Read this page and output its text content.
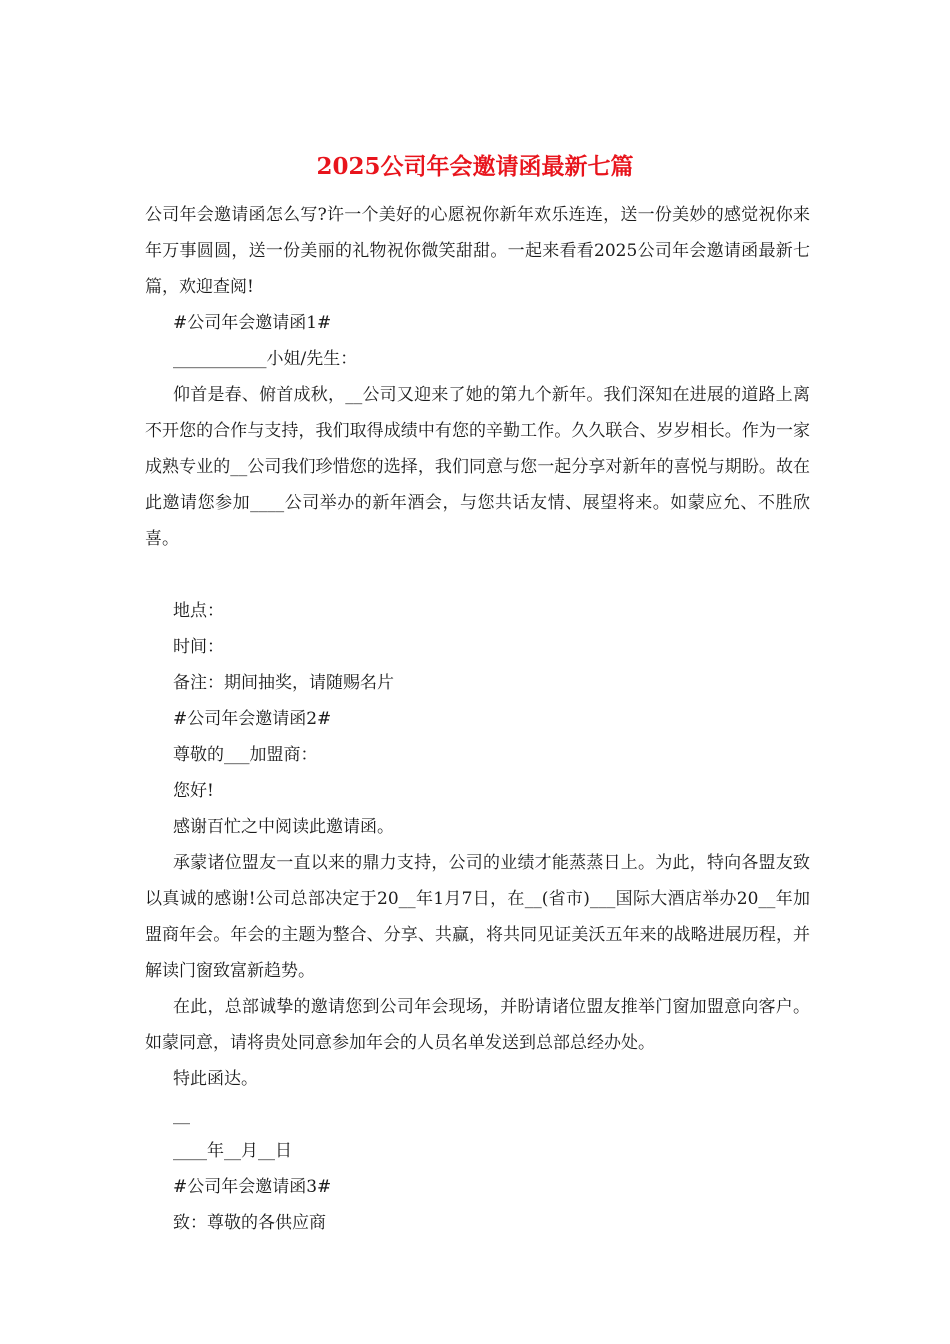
2025公司年会邀请函最新七篇

公司年会邀请函怎么写?许一个美好的心愿祝你新年欢乐连连，送一份美妙的感觉祝你来年万事圆圆，送一份美丽的礼物祝你微笑甜甜。一起来看看2025公司年会邀请函最新七篇，欢迎查阅!

#公司年会邀请函1#

___________小姐/先生：

仰首是春、俯首成秋，__公司又迎来了她的第九个新年。我们深知在进展的道路上离不开您的合作与支持，我们取得成绩中有您的辛勤工作。久久联合、岁岁相长。作为一家成熟专业的__公司我们珍惜您的选择，我们同意与您一起分享对新年的喜悦与期盼。故在此邀请您参加____公司举办的新年酒会，与您共话友情、展望将来。如蒙应允、不胜欣喜。

地点：

时间：

备注：期间抽奖，请随赐名片

#公司年会邀请函2#

尊敬的___加盟商：

您好!

感谢百忙之中阅读此邀请函。

承蒙诸位盟友一直以来的鼎力支持，公司的业绩才能蒸蒸日上。为此，特向各盟友致以真诚的感谢!公司总部决定于20__年1月7日，在__(省市)___国际大酒店举办20__年加盟商年会。年会的主题为整合、分享、共赢，将共同见证美沃五年来的战略进展历程，并解读门窗致富新趋势。

在此，总部诚挚的邀请您到公司年会现场，并盼请诸位盟友推举门窗加盟意向客户。如蒙同意，请将贵处同意参加年会的人员名单发送到总部总经办处。

特此函达。

__

____年__月__日

#公司年会邀请函3#

致：尊敬的各供应商
